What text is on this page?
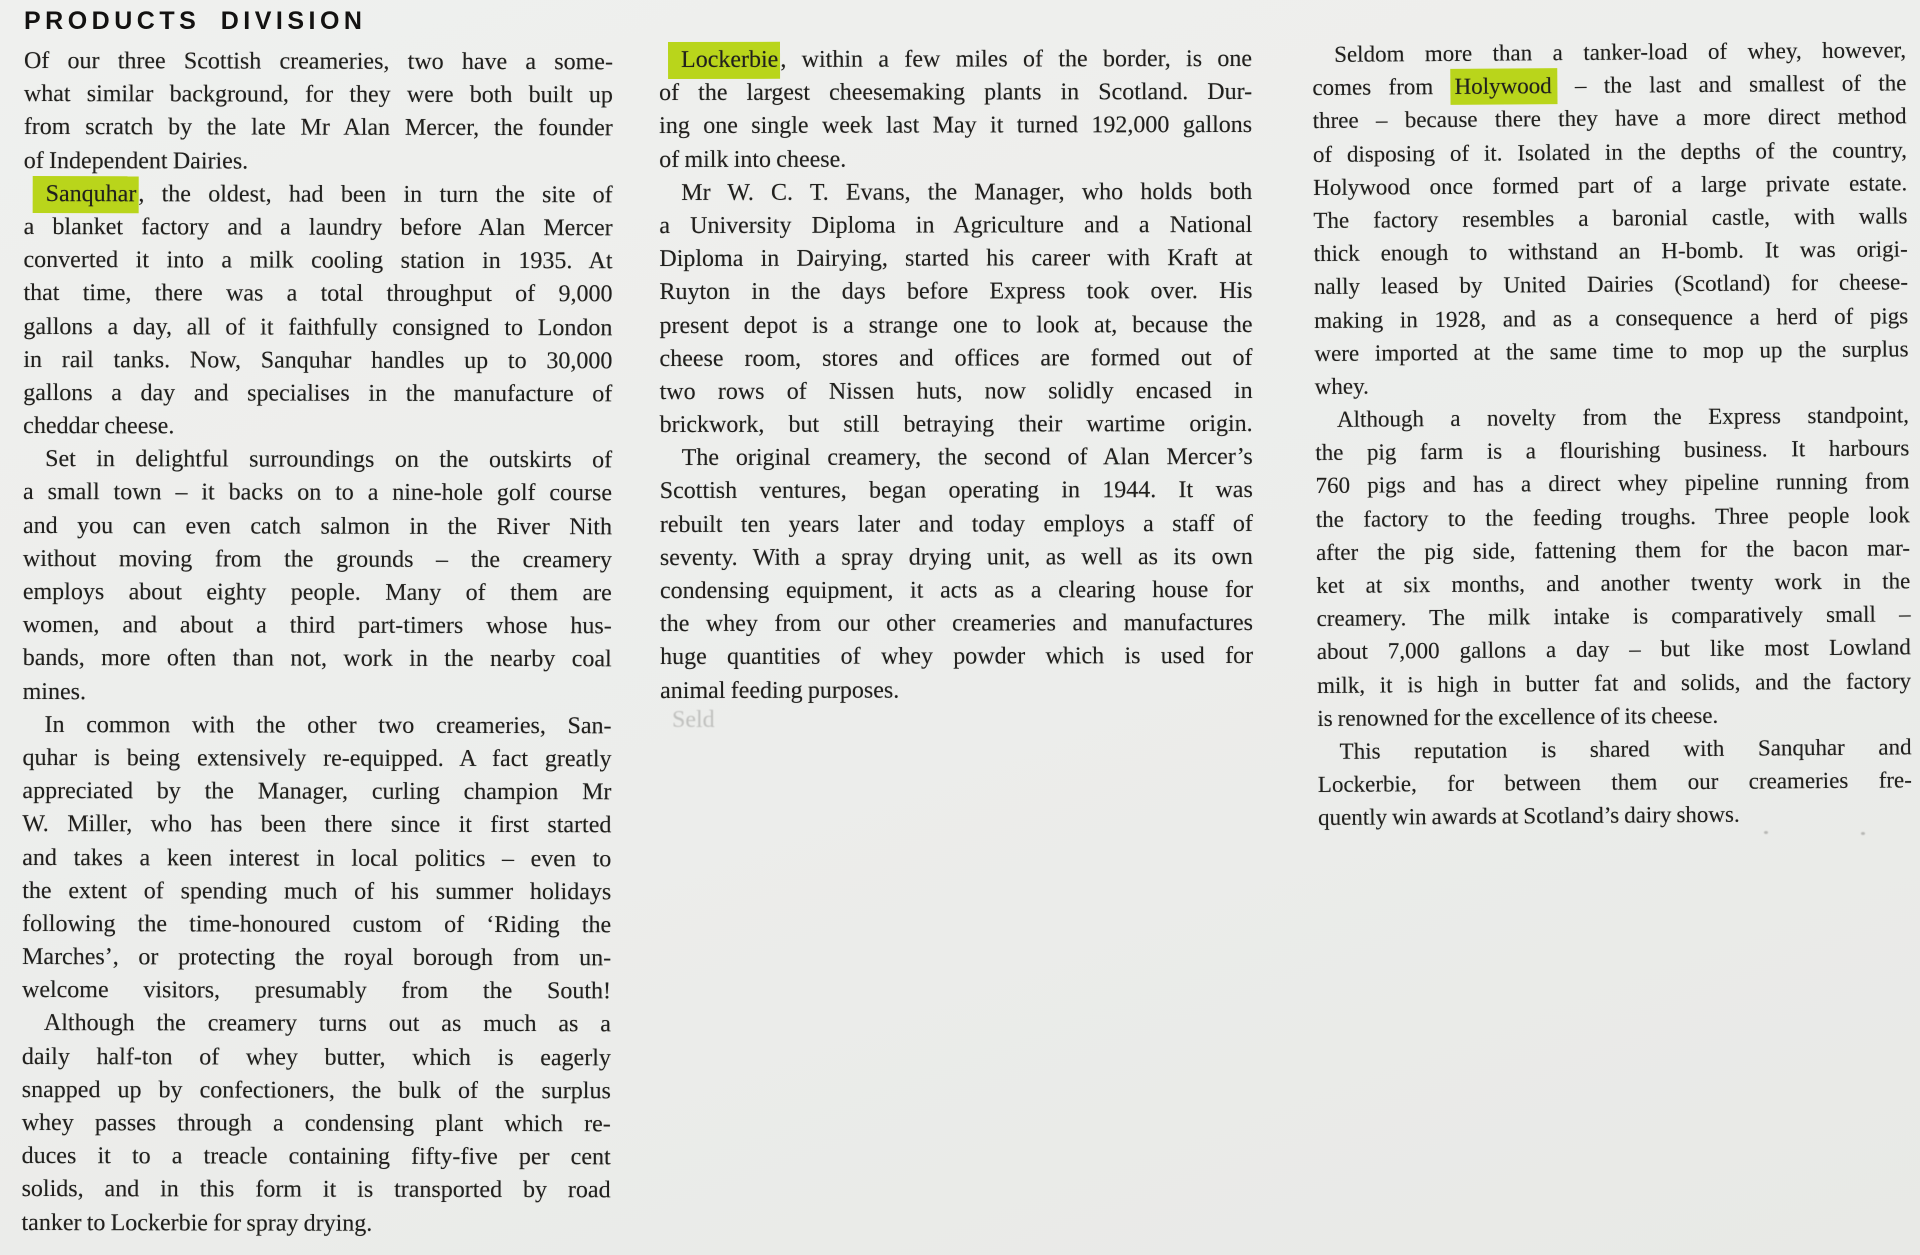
PRODUCTS DIVISION
Of our three Scottish creameries, two have a some-
what similar background, for they were both built up
from scratch by the late Mr Alan Mercer, the founder
of Independent Dairies.
Sanquhar, the oldest, had been in turn the site of
a blanket factory and a laundry before Alan Mercer
converted it into a milk cooling station in 1935. At
that time, there was a total throughput of 9,000
gallons a day, all of it faithfully consigned to London
in rail tanks. Now, Sanquhar handles up to 30,000
gallons a day and specialises in the manufacture of
cheddar cheese.
Set in delightful surroundings on the outskirts of
a small town – it backs on to a nine-hole golf course
and you can even catch salmon in the River Nith
without moving from the grounds – the creamery
employs about eighty people. Many of them are
women, and about a third part-timers whose hus-
bands, more often than not, work in the nearby coal
mines.
In common with the other two creameries, San-
quhar is being extensively re-equipped. A fact greatly
appreciated by the Manager, curling champion Mr
W. Miller, who has been there since it first started
and takes a keen interest in local politics – even to
the extent of spending much of his summer holidays
following the time-honoured custom of ‘Riding the
Marches’, or protecting the royal borough from un-
welcome visitors, presumably from the South!
Although the creamery turns out as much as a
daily half-ton of whey butter, which is eagerly
snapped up by confectioners, the bulk of the surplus
whey passes through a condensing plant which re-
duces it to a treacle containing fifty-five per cent
solids, and in this form it is transported by road
tanker to Lockerbie for spray drying.
Lockerbie, within a few miles of the border, is one
of the largest cheesemaking plants in Scotland. Dur-
ing one single week last May it turned 192,000 gallons
of milk into cheese.
Mr W. C. T. Evans, the Manager, who holds both
a University Diploma in Agriculture and a National
Diploma in Dairying, started his career with Kraft at
Ruyton in the days before Express took over. His
present depot is a strange one to look at, because the
cheese room, stores and offices are formed out of
two rows of Nissen huts, now solidly encased in
brickwork, but still betraying their wartime origin.
The original creamery, the second of Alan Mercer’s
Scottish ventures, began operating in 1944. It was
rebuilt ten years later and today employs a staff of
seventy. With a spray drying unit, as well as its own
condensing equipment, it acts as a clearing house for
the whey from our other creameries and manufactures
huge quantities of whey powder which is used for
animal feeding purposes.
Seldom more than a tanker-load of whey, however,
comes from Holywood – the last and smallest of the
three – because there they have a more direct method
of disposing of it. Isolated in the depths of the country,
Holywood once formed part of a large private estate.
The factory resembles a baronial castle, with walls
thick enough to withstand an H-bomb. It was origi-
nally leased by United Dairies (Scotland) for cheese-
making in 1928, and as a consequence a herd of pigs
were imported at the same time to mop up the surplus
whey.
Although a novelty from the Express standpoint,
the pig farm is a flourishing business. It harbours
760 pigs and has a direct whey pipeline running from
the factory to the feeding troughs. Three people look
after the pig side, fattening them for the bacon mar-
ket at six months, and another twenty work in the
creamery. The milk intake is comparatively small –
about 7,000 gallons a day – but like most Lowland
milk, it is high in butter fat and solids, and the factory
is renowned for the excellence of its cheese.
This reputation is shared with Sanquhar and
Lockerbie, for between them our creameries fre-
quently win awards at Scotland’s dairy shows.
Seld
